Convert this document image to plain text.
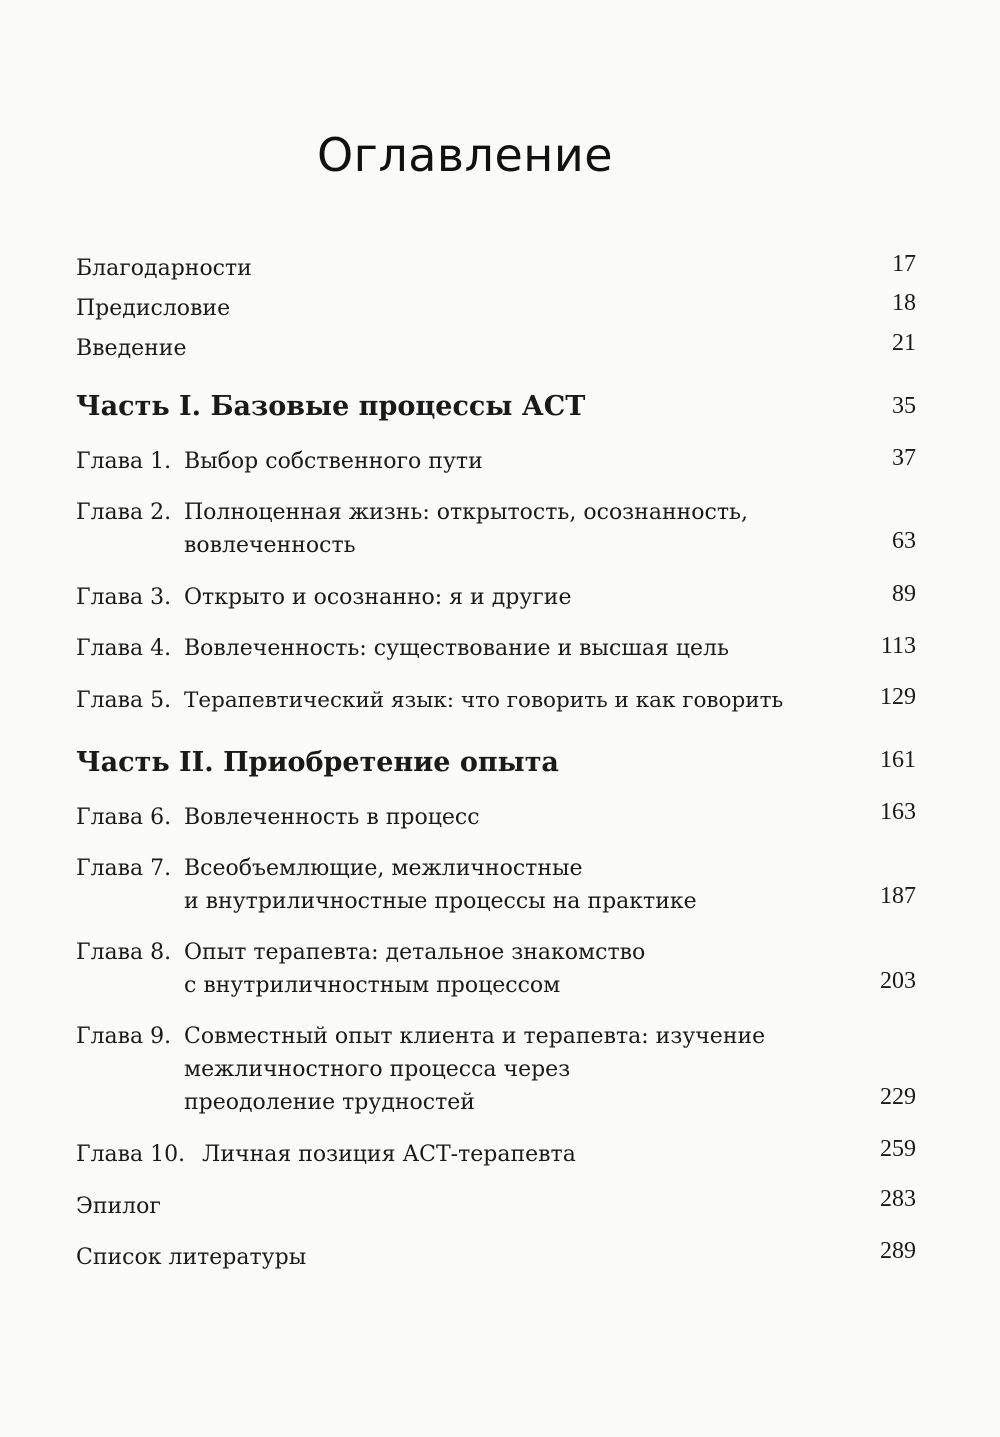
Оглавление
Благодарности	17
Предисловие	18
Введение	21
Часть I. Базовые процессы АСТ	35
Глава 1. Выбор собственного пути	37
Глава 2. Полноценная жизнь: открытость, осознанность,
вовлеченность	63
Глава 3. Открыто и осознанно: я и другие	89
Глава 4. Вовлеченность: существование и высшая цель	113
Глава 5. Терапевтический язык: что говорить и как говорить	129
Часть II. Приобретение опыта	161
Глава 6. Вовлеченность в процесс	163
Глава 7. Всеобъемлющие, межличностные
и внутриличностные процессы на практике	187
Глава 8. Опыт терапевта: детальное знакомство
с внутриличностным процессом	203
Глава 9. Совместный опыт клиента и терапевта: изучение
межличностного процесса через
преодоление трудностей	229
Глава 10. Личная позиция АСТ-терапевта	259
Эпилог	283
Список литературы	289
